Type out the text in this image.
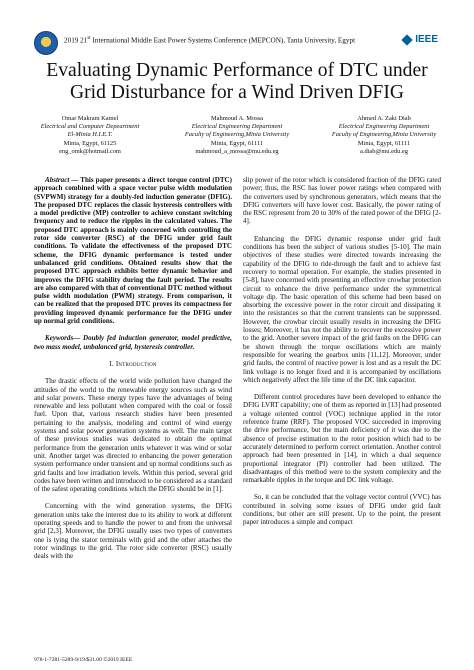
2019 21st International Middle East Power Systems Conference (MEPCON), Tanta University, Egypt	IEEE
Evaluating Dynamic Performance of DTC under Grid Disturbance for a Wind Driven DFIG
Omar Makram Kamel
Electrical and Computer Depeartment
El-Minia H.I.E.T.
Minia, Egypt, 61125
eng_omk@hotmail.com
Mahmoud A. Mossa
Electrical Engineering Department
Faculty of Engineering,Minia University
Minia, Egypt, 61111
mahmoud_a_mossa@mu.edu.eg
Ahmed A. Zaki Diab
Electrical Engineering Department
Faculty of Engineering,Minia University
Minia, Egypt, 61111
a.diab@mu.edu.eg

Abstract — This paper presents a direct torque control (DTC) approach combined with a space vector pulse width modulation (SVPWM) strategy for a doubly-fed induction generator (DFIG). The proposed DTC replaces the classic hysteresis controllers with a model predictive (MP) controller to achieve constant switching frequency and to reduce the ripples in the calculated values. The proposed DTC approach is mainly concerned with controlling the rotor side converter (RSC) of the DFIG under grid fault conditions. To validate the effectiveness of the proposed DTC scheme, the DFIG dynamic performance is tested under unbalanced grid conditions. Obtained results show that the proposed DTC approach exhibits better dynamic behavior and improves the DFIG stability during the fault period. The results are also compared with that of conventional DTC method without pulse width modulation (PWM) strategy. From comparison, it can be realized that the proposed DTC proves its compactness for providing improved dynamic performance for the DFIG under up normal grid conditions.

Keywords— Doubly fed induction generator, model predictive, two mass model, unbalanced grid, hysteresis controller.

I. Introduction

The drastic effects of the world wide pollution have changed the attitudes of the world to the renewable energy sources such as wind and solar powers. These energy types have the advantages of being renewable and less pollutant when compared with the coal or fossil fuel. Upon that, various research studies have been presented pertaining to the analysis, modeling and control of wind energy systems and solar power generation systems as well. The main target of these previous studies was dedicated to obtain the optimal performance from the generation units whatever it was wind or solar unit. Another target was directed to enhancing the power generation system performance under transient and up normal conditions such as grid faults and low irradiation levels. Within this period, several grid codes have been written and introduced to be considered as a standard of the safest operating conditions which the DFIG should be in [1].

Concerning with the wind generation systems, the DFIG generation units take the interest due to its ability to work at different operating speeds and to handle the power to and from the universal grid [2,3]. Moreover, the DFIG usually uses two types of converters one is tying the stator terminals with grid and the other attaches the rotor windings to the grid. The rotor side converter (RSC) usually deals with the

slip power of the rotor which is considered fraction of the DFIG rated power; thus, the RSC has lower power ratings when compared with the converters used by synchronous generators, which means that the DFIG converters will have lower cost. Basically, the power rating of the RSC represent from 20 to 30% of the rated power of the DFIG [2-4].

Enhancing the DFIG dynamic response under grid fault conditions has been the subject of various studies [5-10]. The main objectives of these studies were directed towards increasing the capability of the DFIG to ride-through the fault and to achieve fast recovery to normal operation. For example, the studies presented in [5-8], have concerned with presenting an effective crowbar protection circuit to enhance the drive performance under the symmetrical voltage dip. The basic operation of this scheme had been based on absorbing the excessive power in the rotor circuit and dissipating it into the resistances so that the current transients can be suppressed. However, the crowbar circuit usually results in increasing the DFIG losses; Moreover, it has not the ability to recover the excessive power to the grid. Another severe impact of the grid faults on the DFIG can be shown through the torque oscillations which are mainly responsible for wearing the gearbox units [11,12]. Moreover, under grid faults, the control of reactive power is lost and as a result the DC link voltage is no longer fixed and it is accompanied by oscillations which negatively affect the life time of the DC link capacitor.

Different control procedures have been developed to enhance the DFIG LVRT capability; one of them as reported in [13] had presented a voltage oriented control (VOC) technique applied in the rotor reference frame (RRF). The proposed VOC succeeded in improving the drive performance, but the main deficiency of it was due to the absence of precise estimation to the rotor position which had to be accurately determined to perform correct orientation. Another control approach had been presented in [14], in which a dual sequence proportional integrator (PI) controller had been utilized. The disadvantages of this method were to the system complexity and the remarkable ripples in the torque and DC link voltage.

So, it can be concluded that the voltage vector control (VVC) has contributed in solving some issues of DFIG under grid fault conditions, but other are still present. Up to the point, the present paper introduces a simple and compact

978-1-7281-5289-9/19/$31.00 ©2019 IEEE
